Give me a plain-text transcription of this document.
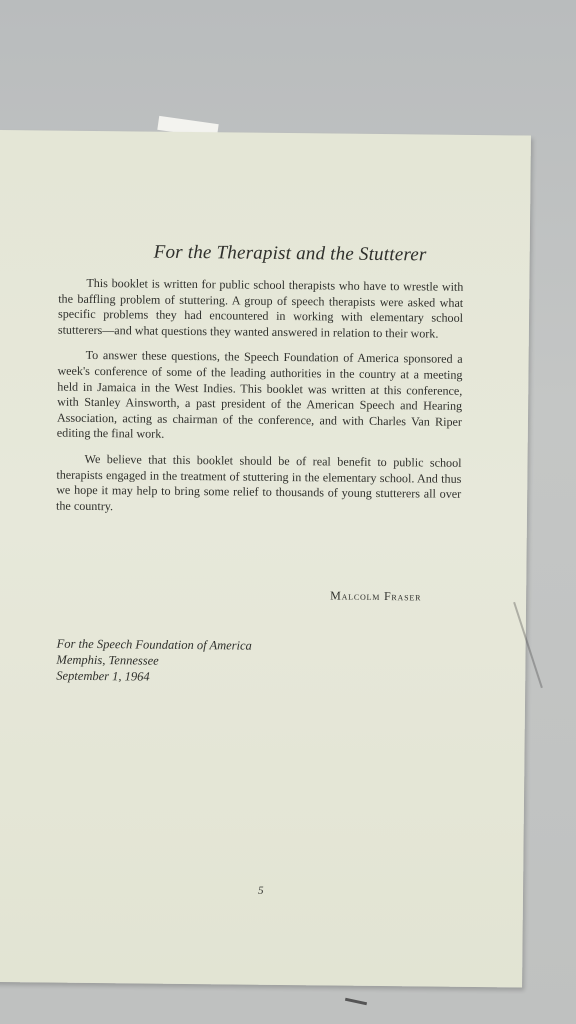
For the Therapist and the Stutterer

This booklet is written for public school therapists who have to wrestle with the baffling problem of stuttering. A group of speech therapists were asked what specific problems they had encountered in working with elementary school stutterers—and what questions they wanted answered in relation to their work.

To answer these questions, the Speech Foundation of America sponsored a week's conference of some of the leading authorities in the country at a meeting held in Jamaica in the West Indies. This booklet was written at this conference, with Stanley Ainsworth, a past president of the American Speech and Hearing Association, acting as chairman of the conference, and with Charles Van Riper editing the final work.

We believe that this booklet should be of real benefit to public school therapists engaged in the treatment of stuttering in the elementary school. And thus we hope it may help to bring some relief to thousands of young stutterers all over the country.

Malcolm Fraser
For the Speech Foundation of America
Memphis, Tennessee
September 1, 1964
5
